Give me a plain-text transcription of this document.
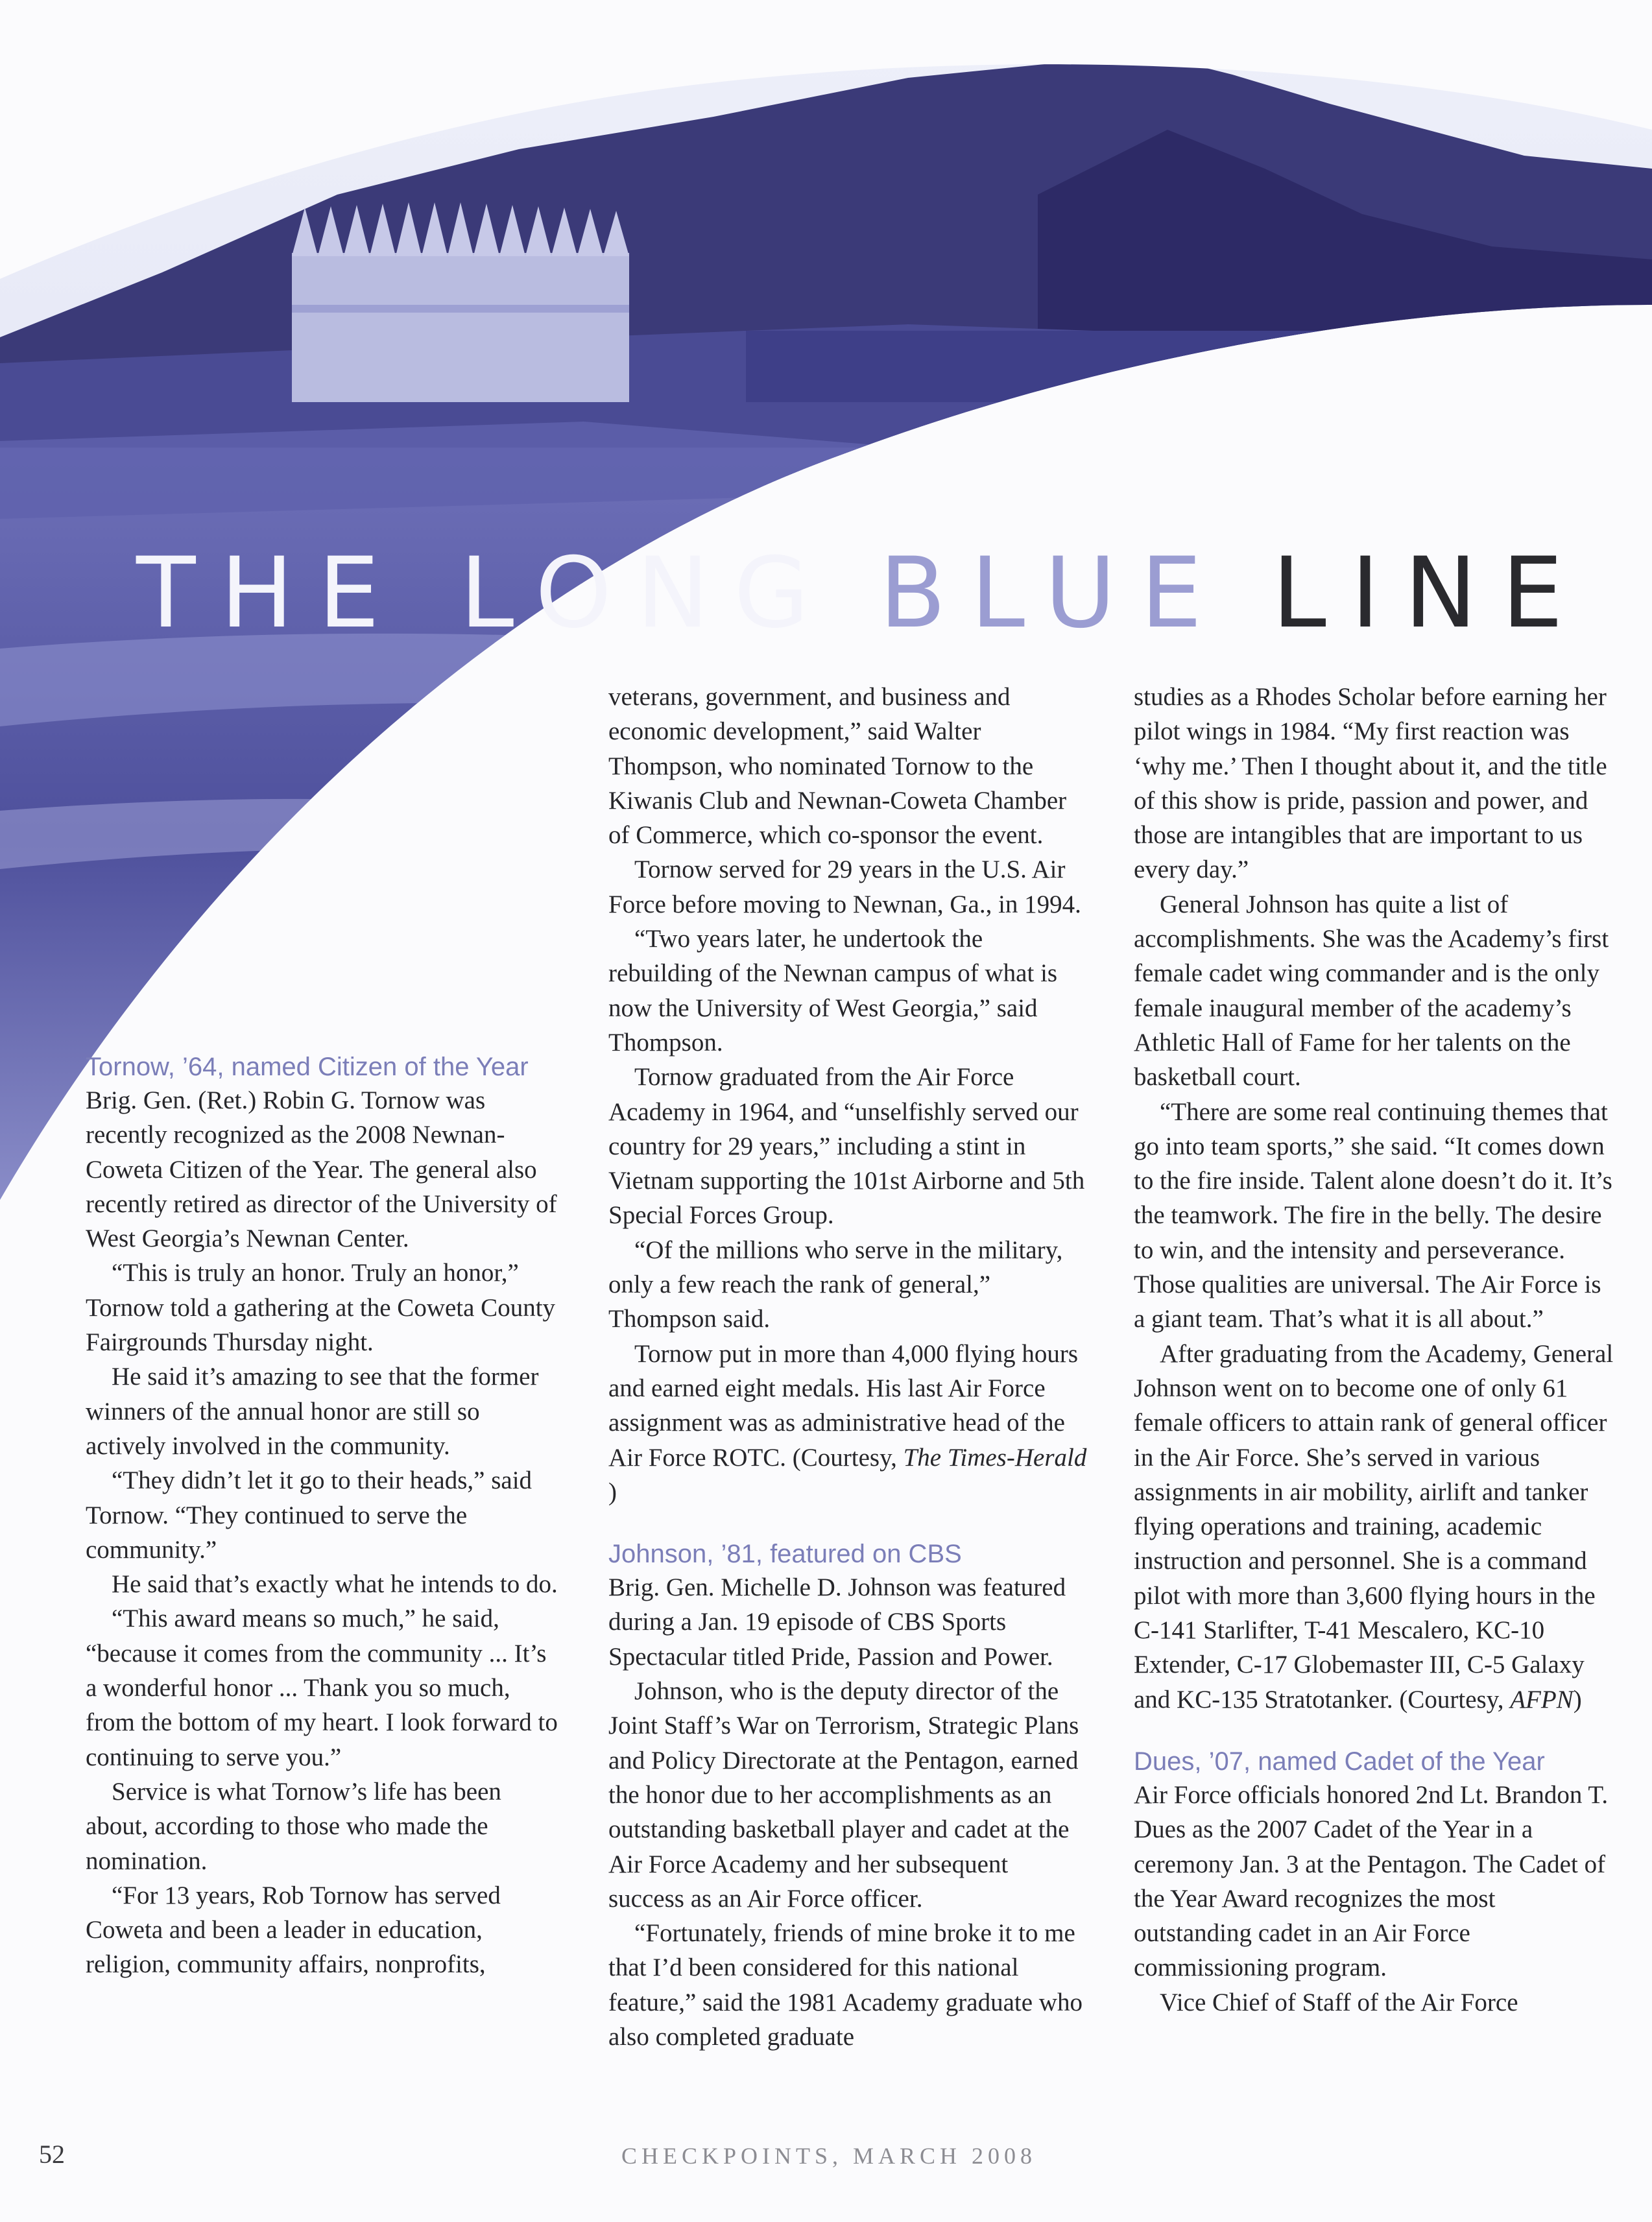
THE LONG BLUE LINE
Tornow, ’64, named Citizen of the Year

Brig. Gen. (Ret.) Robin G. Tornow was recently recognized as the 2008 Newnan-Coweta Citizen of the Year. The general also recently retired as director of the University of West Georgia’s Newnan Center.

“This is truly an honor. Truly an honor,” Tornow told a gathering at the Coweta County Fairgrounds Thursday night.

He said it’s amazing to see that the former winners of the annual honor are still so actively involved in the community.

“They didn’t let it go to their heads,” said Tornow. “They continued to serve the community.”

He said that’s exactly what he intends to do.

“This award means so much,” he said, “because it comes from the community ... It’s a wonderful honor ... Thank you so much, from the bottom of my heart. I look forward to continuing to serve you.”

Service is what Tornow’s life has been about, according to those who made the nomination.

“For 13 years, Rob Tornow has served Coweta and been a leader in education, religion, community affairs, nonprofits,

veterans, government, and business and economic development,” said Walter Thompson, who nominated Tornow to the Kiwanis Club and Newnan-Coweta Chamber of Commerce, which co-sponsor the event.

Tornow served for 29 years in the U.S. Air Force before moving to Newnan, Ga., in 1994.

“Two years later, he undertook the rebuilding of the Newnan campus of what is now the University of West Georgia,” said Thompson.

Tornow graduated from the Air Force Academy in 1964, and “unselfishly served our country for 29 years,” including a stint in Vietnam supporting the 101st Airborne and 5th Special Forces Group.

“Of the millions who serve in the military, only a few reach the rank of general,” Thompson said.

Tornow put in more than 4,000 flying hours and earned eight medals. His last Air Force assignment was as administrative head of the Air Force ROTC. (Courtesy, The Times-Herald )

Johnson, ’81, featured on CBS

Brig. Gen. Michelle D. Johnson was featured during a Jan. 19 episode of CBS Sports Spectacular titled Pride, Passion and Power.

Johnson, who is the deputy director of the Joint Staff’s War on Terrorism, Strategic Plans and Policy Directorate at the Pentagon, earned the honor due to her accomplishments as an outstanding basketball player and cadet at the Air Force Academy and her subsequent success as an Air Force officer.

“Fortunately, friends of mine broke it to me that I’d been considered for this national feature,” said the 1981 Academy graduate who also completed graduate

studies as a Rhodes Scholar before earning her pilot wings in 1984. “My first reaction was ‘why me.’ Then I thought about it, and the title of this show is pride, passion and power, and those are intangibles that are important to us every day.”

General Johnson has quite a list of accomplishments. She was the Academy’s first female cadet wing commander and is the only female inaugural member of the academy’s Athletic Hall of Fame for her talents on the basketball court.

“There are some real continuing themes that go into team sports,” she said. “It comes down to the fire inside. Talent alone doesn’t do it. It’s the teamwork. The fire in the belly. The desire to win, and the intensity and perseverance. Those qualities are universal. The Air Force is a giant team. That’s what it is all about.”

After graduating from the Academy, General Johnson went on to become one of only 61 female officers to attain rank of general officer in the Air Force. She’s served in various assignments in air mobility, airlift and tanker flying operations and training, academic instruction and personnel. She is a command pilot with more than 3,600 flying hours in the C-141 Starlifter, T-41 Mescalero, KC-10 Extender, C-17 Globemaster III, C-5 Galaxy and KC-135 Stratotanker. (Courtesy, AFPN)

Dues, ’07, named Cadet of the Year

Air Force officials honored 2nd Lt. Brandon T. Dues as the 2007 Cadet of the Year in a ceremony Jan. 3 at the Pentagon. The Cadet of the Year Award recognizes the most outstanding cadet in an Air Force commissioning program.

Vice Chief of Staff of the Air Force

52	CHECKPOINTS, MARCH 2008
